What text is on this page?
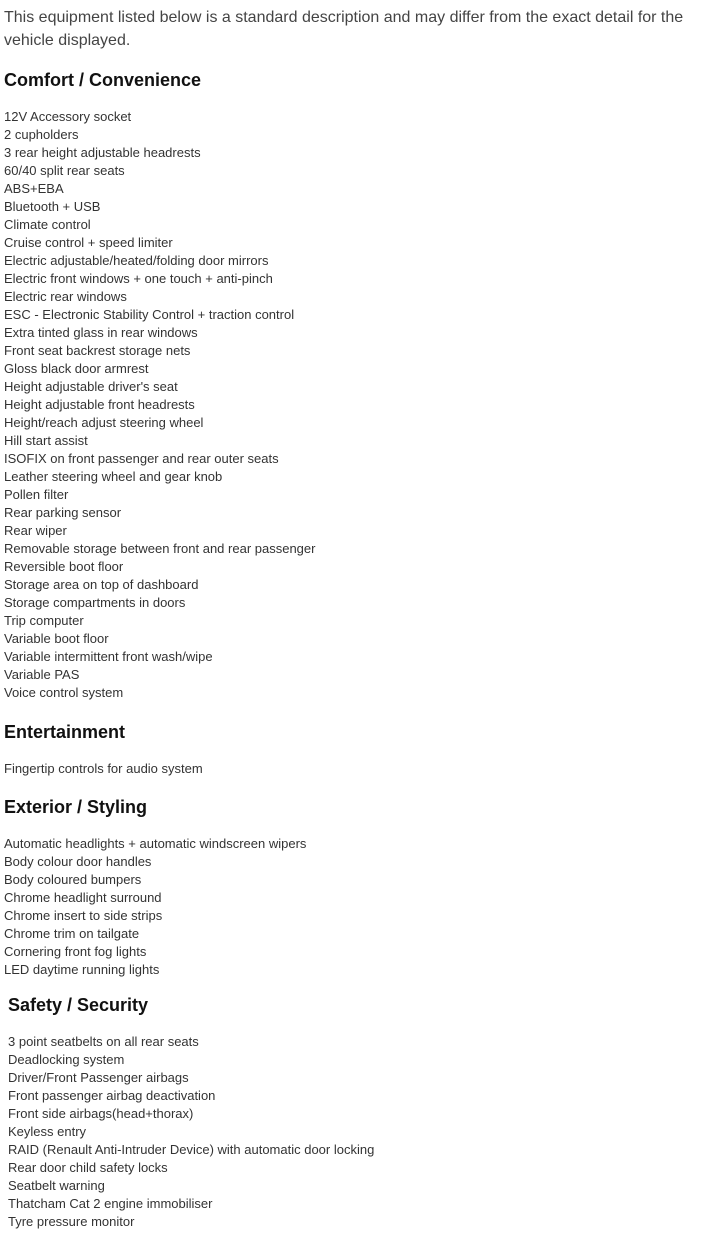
This equipment listed below is a standard description and may differ from the exact detail for the vehicle displayed.

Comfort / Convenience
12V Accessory socket
2 cupholders
3 rear height adjustable headrests
60/40 split rear seats
ABS+EBA
Bluetooth + USB
Climate control
Cruise control + speed limiter
Electric adjustable/heated/folding door mirrors
Electric front windows + one touch + anti-pinch
Electric rear windows
ESC - Electronic Stability Control + traction control
Extra tinted glass in rear windows
Front seat backrest storage nets
Gloss black door armrest
Height adjustable driver's seat
Height adjustable front headrests
Height/reach adjust steering wheel
Hill start assist
ISOFIX on front passenger and rear outer seats
Leather steering wheel and gear knob
Pollen filter
Rear parking sensor
Rear wiper
Removable storage between front and rear passenger
Reversible boot floor
Storage area on top of dashboard
Storage compartments in doors
Trip computer
Variable boot floor
Variable intermittent front wash/wipe
Variable PAS
Voice control system
Entertainment
Fingertip controls for audio system
Exterior / Styling
Automatic headlights + automatic windscreen wipers
Body colour door handles
Body coloured bumpers
Chrome headlight surround
Chrome insert to side strips
Chrome trim on tailgate
Cornering front fog lights
LED daytime running lights
Safety / Security
3 point seatbelts on all rear seats
Deadlocking system
Driver/Front Passenger airbags
Front passenger airbag deactivation
Front side airbags(head+thorax)
Keyless entry
RAID (Renault Anti-Intruder Device) with automatic door locking
Rear door child safety locks
Seatbelt warning
Thatcham Cat 2 engine immobiliser
Tyre pressure monitor
